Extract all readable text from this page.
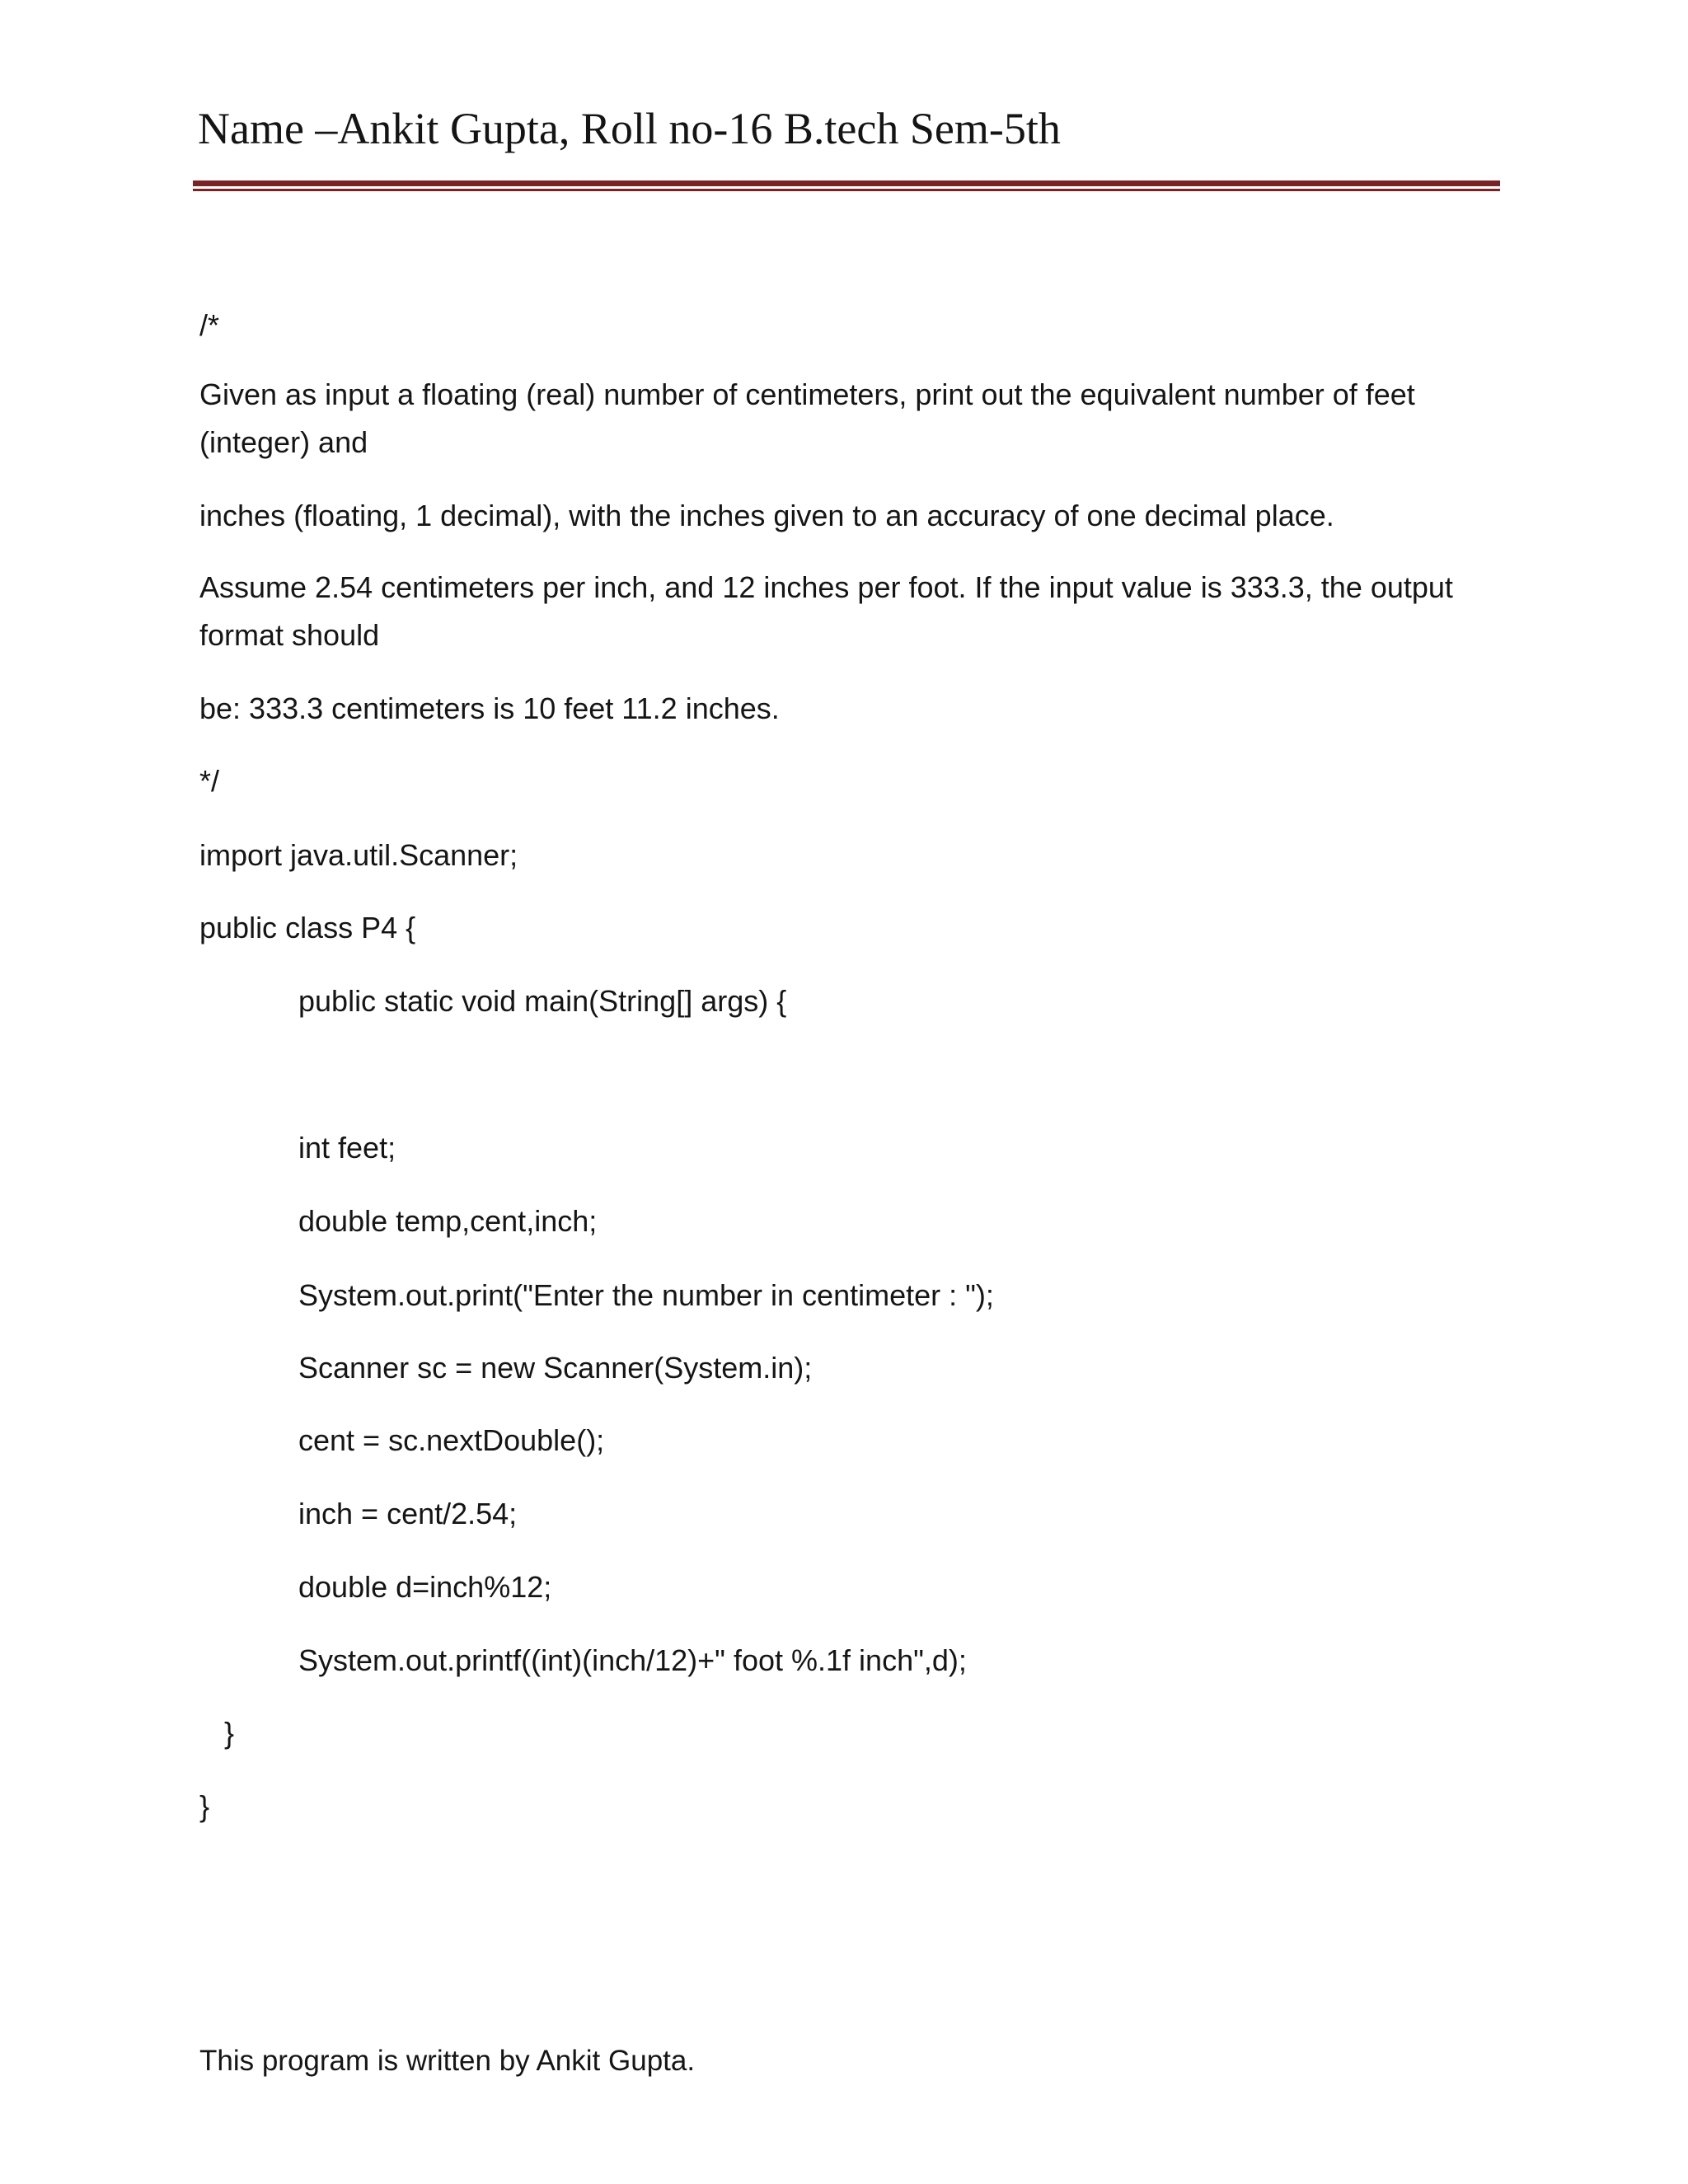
Name –Ankit Gupta, Roll no-16 B.tech Sem-5th
/*
Given as input a floating (real) number of centimeters, print out the equivalent number of feet
(integer) and
inches (floating, 1 decimal), with the inches given to an accuracy of one decimal place.
Assume 2.54 centimeters per inch, and 12 inches per foot. If the input value is 333.3, the output
format should
be: 333.3 centimeters is 10 feet 11.2 inches.
*/
import java.util.Scanner;
public class P4 {
public static void main(String[] args) {
int feet;
double temp,cent,inch;
System.out.print("Enter the number in centimeter : ");
Scanner sc = new Scanner(System.in);
cent = sc.nextDouble();
inch = cent/2.54;
double d=inch%12;
System.out.printf((int)(inch/12)+" foot %.1f inch",d);
}
}
This program is written by Ankit Gupta.
